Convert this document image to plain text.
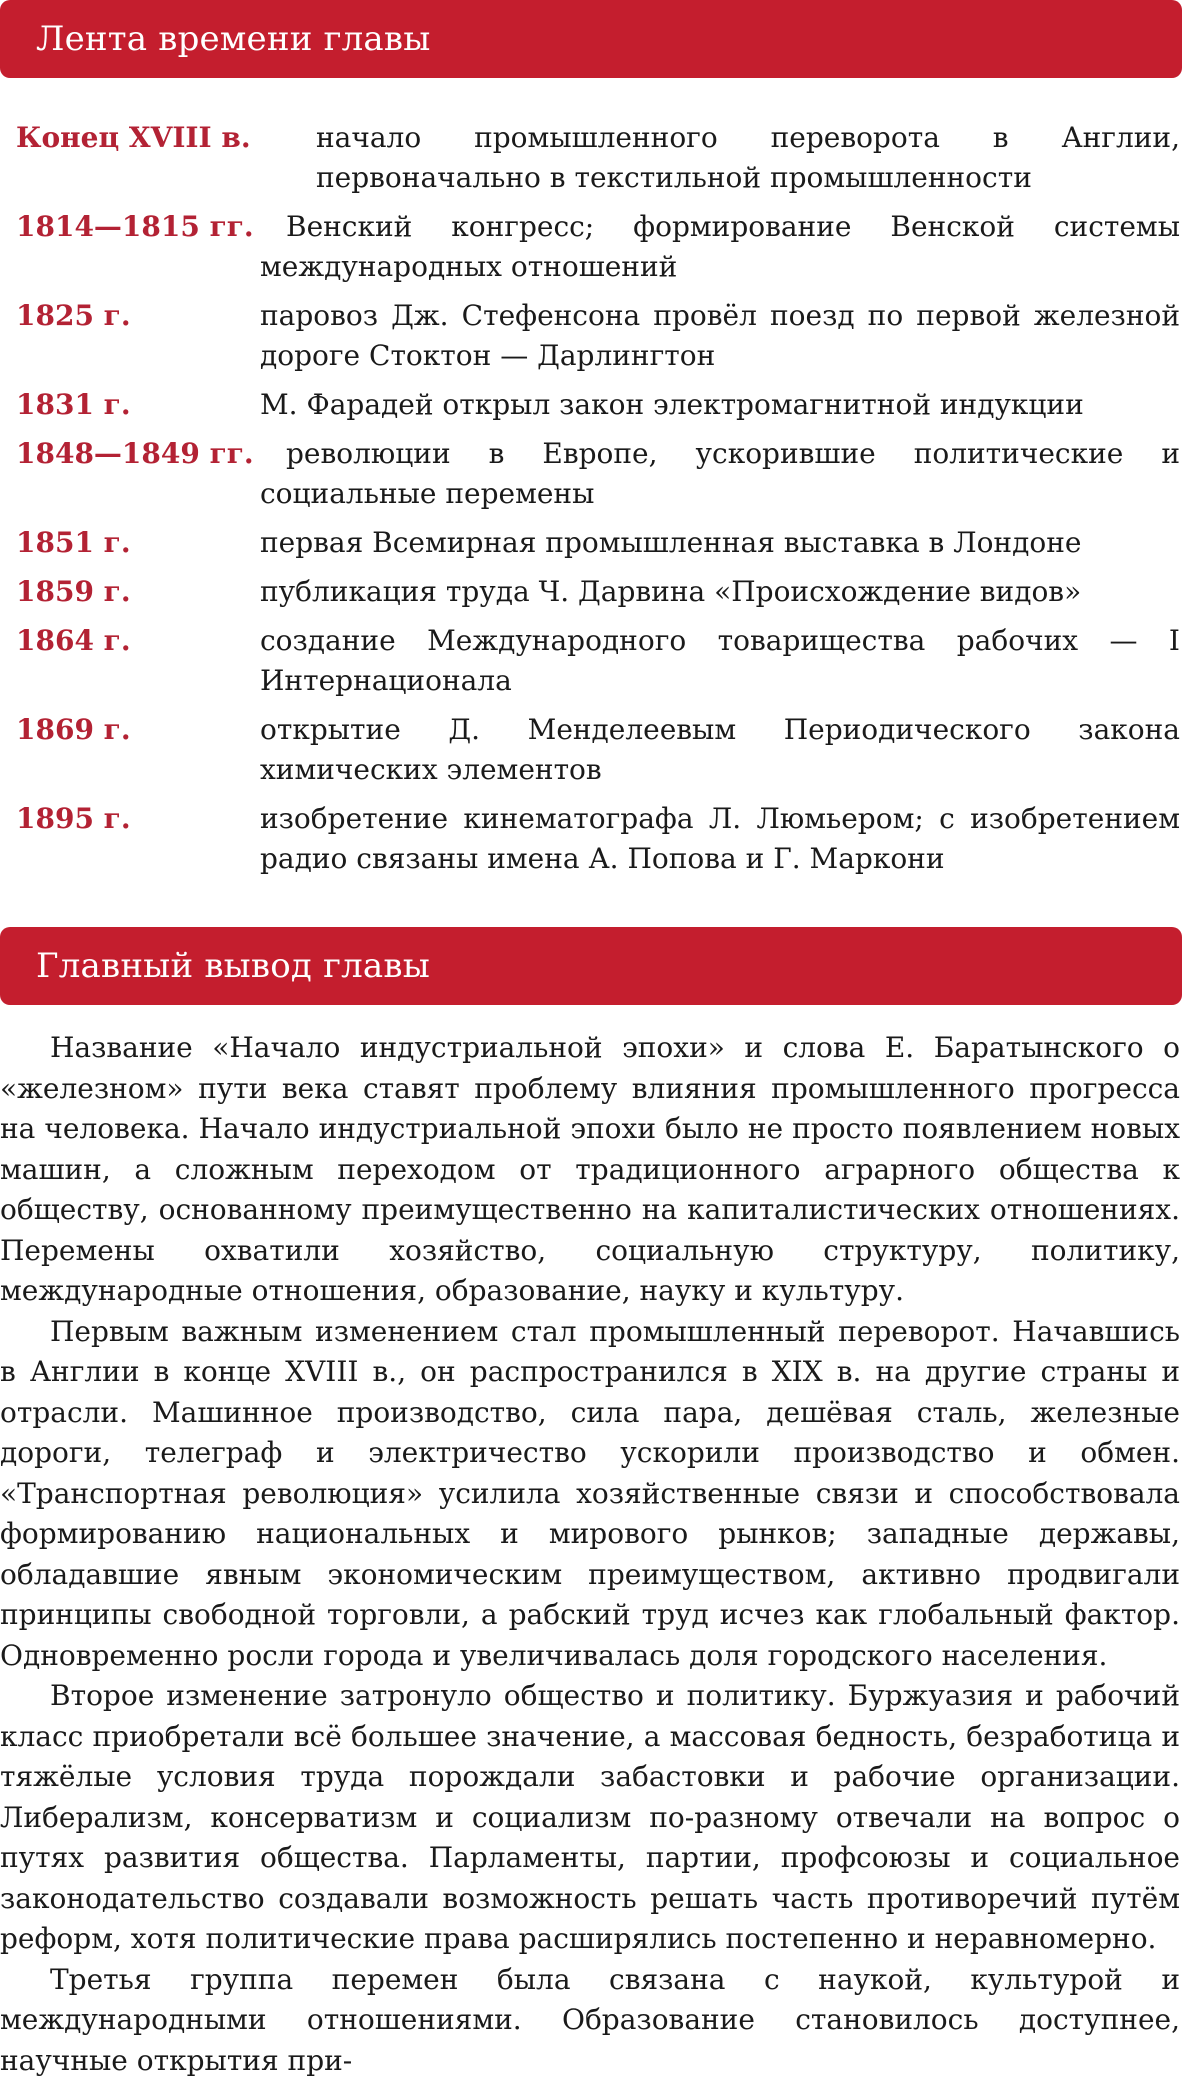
Лента времени главы
Конец XVIII в.	начало промышленного переворота в Англии, первоначально в текстильной промышленности
1814—1815 гг.	Венский конгресс; формирование Венской системы международных отношений
1825 г.	паровоз Дж. Стефенсона провёл поезд по первой железной дороге Стоктон — Дарлингтон
1831 г.	М. Фарадей открыл закон электромагнитной индукции
1848—1849 гг.	революции в Европе, ускорившие политические и социальные перемены
1851 г.	первая Всемирная промышленная выставка в Лондоне
1859 г.	публикация труда Ч. Дарвина «Происхождение видов»
1864 г.	создание Международного товарищества рабочих — I Интернационала
1869 г.	открытие Д. Менделеевым Периодического закона химических элементов
1895 г.	изобретение кинематографа Л. Люмьером; с изобретением радио связаны имена А. Попова и Г. Маркони
Главный вывод главы

Название «Начало индустриальной эпохи» и слова Е. Баратынского о «железном» пути века ставят проблему влияния промышленного прогресса на человека. Начало индустриальной эпохи было не просто появлением новых машин, а сложным переходом от традиционного аграрного общества к обществу, основанному преимущественно на капиталистических отношениях. Перемены охватили хозяйство, социальную структуру, политику, международные отношения, образование, науку и культуру.

Первым важным изменением стал промышленный переворот. Начавшись в Англии в конце XVIII в., он распространился в XIX в. на другие страны и отрасли. Машинное производство, сила пара, дешёвая сталь, железные дороги, телеграф и электричество ускорили производство и обмен. «Транспортная революция» усилила хозяйственные связи и способствовала формированию национальных и мирового рынков; западные державы, обладавшие явным экономическим преимуществом, активно продвигали принципы свободной торговли, а рабский труд исчез как глобальный фактор. Одновременно росли города и увеличивалась доля городского населения.

Второе изменение затронуло общество и политику. Буржуазия и рабочий класс приобретали всё большее значение, а массовая бедность, безработица и тяжёлые условия труда порождали забастовки и рабочие организации. Либерализм, консерватизм и социализм по-разному отвечали на вопрос о путях развития общества. Парламенты, партии, профсоюзы и социальное законодательство создавали возможность решать часть противоречий путём реформ, хотя политические права расширялись постепенно и неравномерно.

Третья группа перемен была связана с наукой, культурой и международными отношениями. Образование становилось доступнее, научные открытия при-
